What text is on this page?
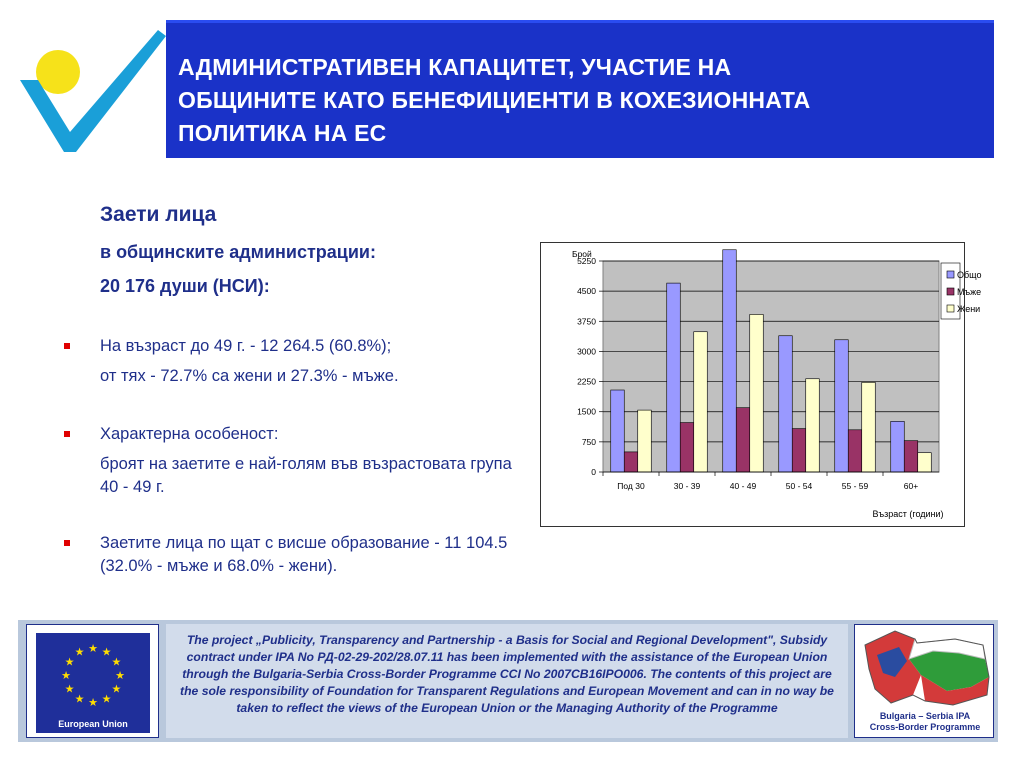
АДМИНИСТРАТИВЕН КАПАЦИТЕТ, УЧАСТИЕ НА
ОБЩИНИТЕ КАТО БЕНЕФИЦИЕНТИ В КОХЕЗИОННАТА
ПОЛИТИКА НА ЕС
Заети лица
в общинските администрации:
20 176 души (НСИ):
На възраст до 49 г. - 12 264.5 (60.8%);
от тях - 72.7% са жени и 27.3% - мъже.
Характерна особеност:
броят на заетите е най-голям във възрастовата група 40 - 49 г.
Заетите лица по щат с висше образование - 11 104.5 (32.0% - мъже и 68.0% - жени).
0
750
1500
2250
3000
3750
4500
5250
Брой
Възраст (години)
Под 30	30 - 39	40 - 49	50 - 54	55 - 59	60+
Общо
Мъже
Жени
★ ★
★
★
★
★
★
★
★
★
★
★
European Union
The project „Publicity, Transparency and Partnership - a Basis for Social and Regional Development", Subsidy contract under IPA No РД-02-29-202/28.07.11 has been implemented with the assistance of the European Union through the Bulgaria-Serbia Cross-Border Programme CCI No 2007CB16IPO006. The contents of this project are the sole responsibility of Foundation for Transparent Regulations and European Movement and can in no way be taken to reflect the views of the European Union or the Managing Authority of the Programme
Bulgaria – Serbia IPA
Cross-Border Programme
